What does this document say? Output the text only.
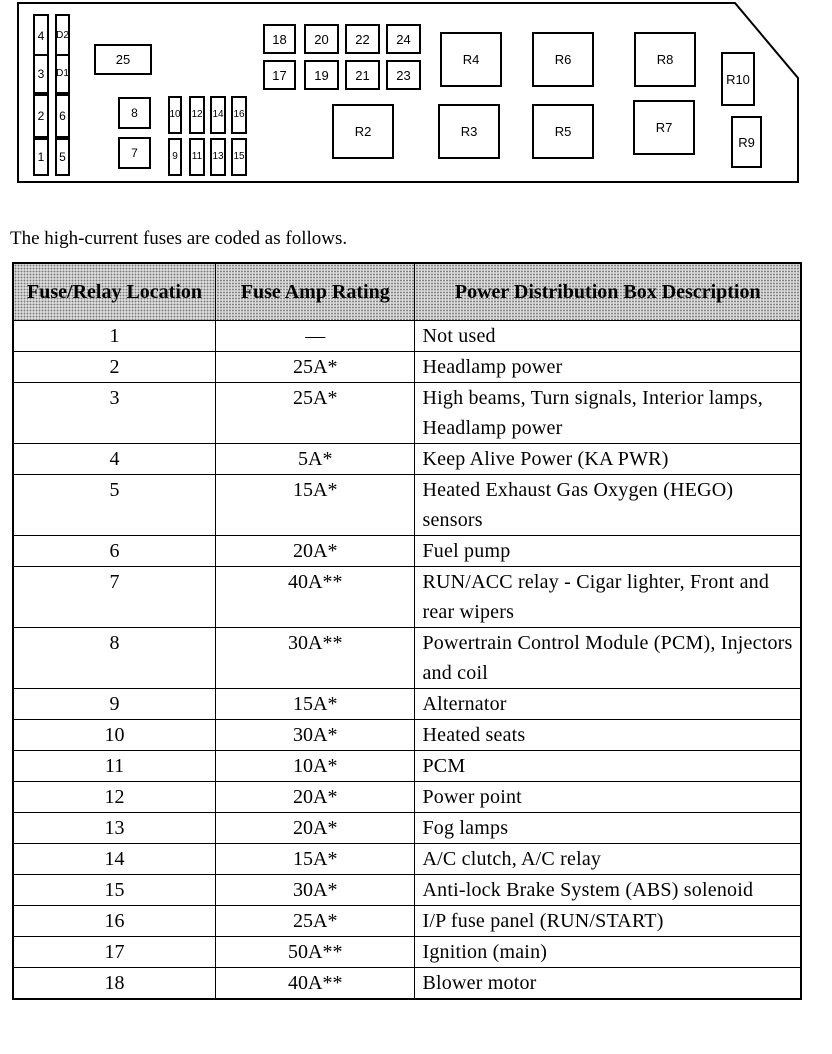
4
3
2
1
D2
D1
6
5
25
8
7
10
9
12
11
14
13
16
15
18	20	22	24
17	19	21	23
R2
R4
R3
R6
R5
R8
R7
R10
R9
The high-current fuses are coded as follows.
Fuse/Relay Location	Fuse Amp Rating	Power Distribution Box Description
1	—	Not used
2	25A*	Headlamp power
3	25A*	High beams, Turn signals, Interior lamps, Headlamp power
4	5A*	Keep Alive Power (KA PWR)
5	15A*	Heated Exhaust Gas Oxygen (HEGO) sensors
6	20A*	Fuel pump
7	40A**	RUN/ACC relay - Cigar lighter, Front and rear wipers
8	30A**	Powertrain Control Module (PCM), Injectors and coil
9	15A*	Alternator
10	30A*	Heated seats
11	10A*	PCM
12	20A*	Power point
13	20A*	Fog lamps
14	15A*	A/C clutch, A/C relay
15	30A*	Anti-lock Brake System (ABS) solenoid
16	25A*	I/P fuse panel (RUN/START)
17	50A**	Ignition (main)
18	40A**	Blower motor
